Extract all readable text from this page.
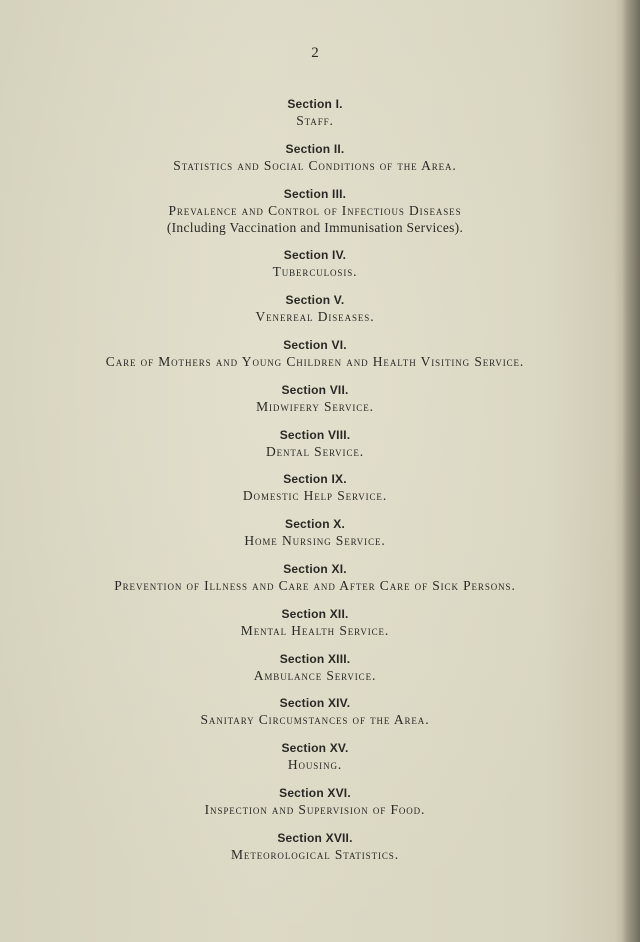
2
Section I.
Staff.
Section II.
Statistics and Social Conditions of the Area.
Section III.
Prevalence and Control of Infectious Diseases
(Including Vaccination and Immunisation Services).
Section IV.
Tuberculosis.
Section V.
Venereal Diseases.
Section VI.
Care of Mothers and Young Children and Health Visiting Service.
Section VII.
Midwifery Service.
Section VIII.
Dental Service.
Section IX.
Domestic Help Service.
Section X.
Home Nursing Service.
Section XI.
Prevention of Illness and Care and After Care of Sick Persons.
Section XII.
Mental Health Service.
Section XIII.
Ambulance Service.
Section XIV.
Sanitary Circumstances of the Area.
Section XV.
Housing.
Section XVI.
Inspection and Supervision of Food.
Section XVII.
Meteorological Statistics.
